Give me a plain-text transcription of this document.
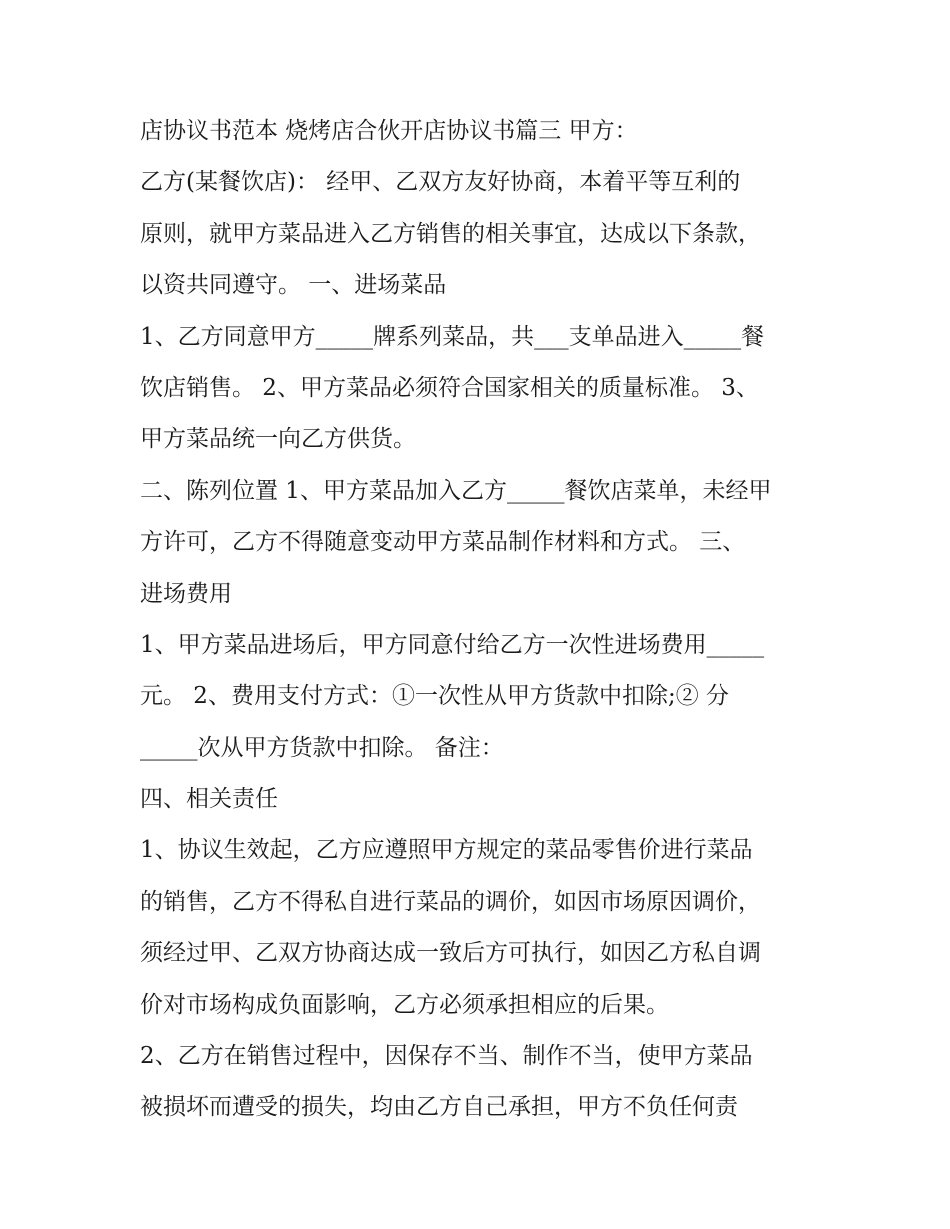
店协议书范本 烧烤店合伙开店协议书篇三 甲方：
乙方(某餐饮店)： 经甲、乙双方友好协商，本着平等互利的
原则，就甲方菜品进入乙方销售的相关事宜，达成以下条款，
以资共同遵守。 一、进场菜品
1、乙方同意甲方_____牌系列菜品，共___支单品进入_____餐
饮店销售。 2、甲方菜品必须符合国家相关的质量标准。 3、
甲方菜品统一向乙方供货。
二、陈列位置 1、甲方菜品加入乙方_____餐饮店菜单，未经甲
方许可，乙方不得随意变动甲方菜品制作材料和方式。 三、
进场费用
1、甲方菜品进场后，甲方同意付给乙方一次性进场费用_____
元。 2、费用支付方式：①一次性从甲方货款中扣除;② 分
_____次从甲方货款中扣除。 备注：
四、相关责任
1、协议生效起，乙方应遵照甲方规定的菜品零售价进行菜品
的销售，乙方不得私自进行菜品的调价，如因市场原因调价，
须经过甲、乙双方协商达成一致后方可执行，如因乙方私自调
价对市场构成负面影响，乙方必须承担相应的后果。
2、乙方在销售过程中，因保存不当、制作不当，使甲方菜品
被损坏而遭受的损失，均由乙方自己承担，甲方不负任何责
